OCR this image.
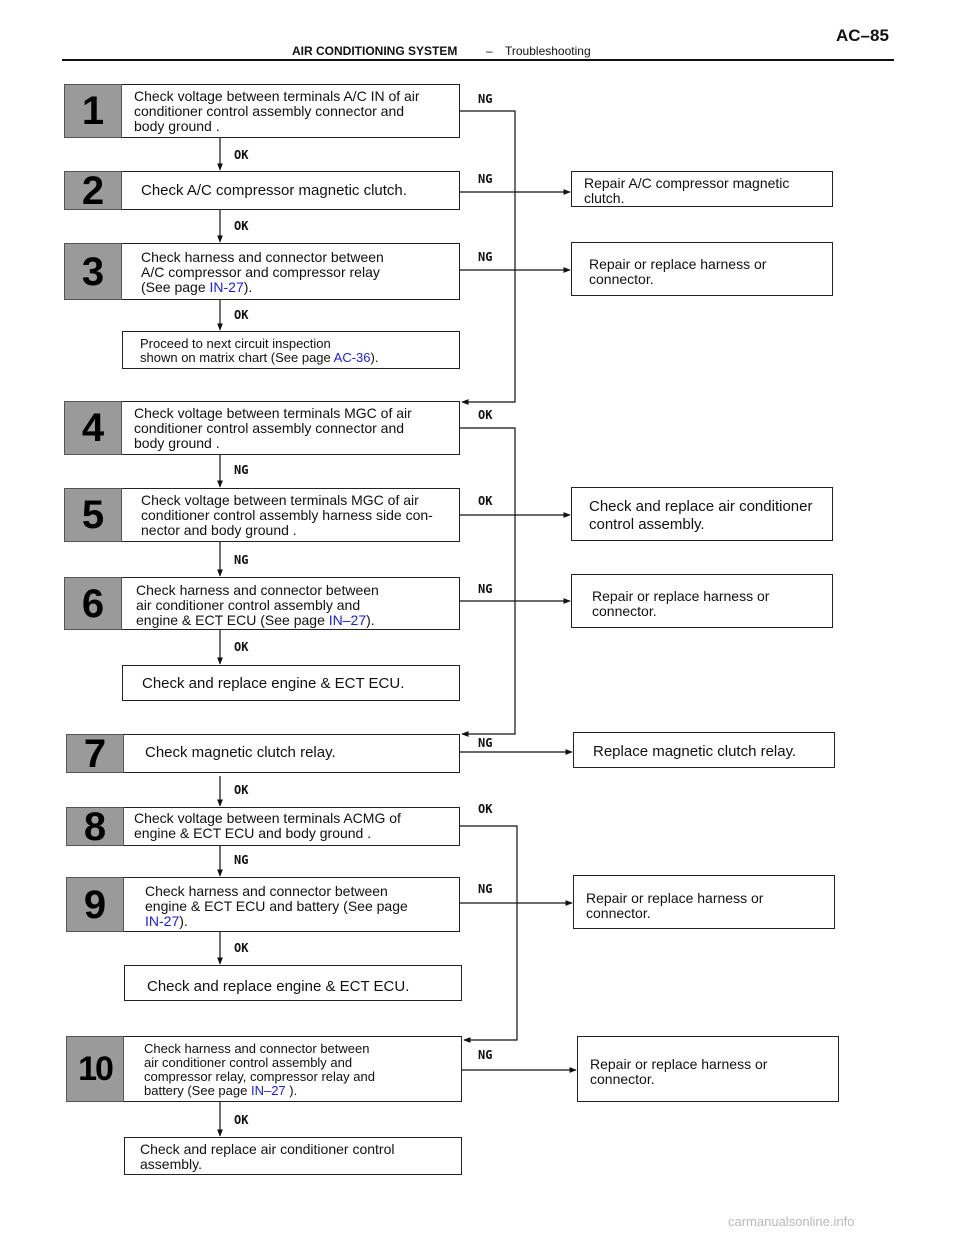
AIR CONDITIONING SYSTEM – Troubleshooting
AC–85
1 Check voltage between terminals A/C IN of air
conditioner control assembly connector and
body ground .
2 Check A/C compressor magnetic clutch.
3	Check harness and connector between
A/C compressor and compressor relay
(See page IN-27).
Proceed to next circuit inspection
shown on matrix chart (See page AC-36).
4 Check voltage between terminals MGC of air
conditioner control assembly connector and
body ground .
5	Check voltage between terminals MGC of air
conditioner control assembly harness side con-
nector and body ground .
6 Check harness and connector between
air conditioner control assembly and
engine & ECT ECU (See page IN–27).
Check and replace engine & ECT ECU.
7	Check magnetic clutch relay.
8 Check voltage between terminals ACMG of
engine & ECT ECU and body ground .
9	Check harness and connector between
engine & ECT ECU and battery (See page
IN-27).
Check and replace engine & ECT ECU.
10
Check harness and connector between
air conditioner control assembly and
compressor relay, compressor relay and
battery (See page IN–27 ).
Check and replace air conditioner control
assembly.
Repair A/C compressor magnetic
clutch.
Repair or replace harness or
connector.
Check and replace air conditioner
control assembly.
Repair or replace harness or
connector.
Replace magnetic clutch relay.
Repair or replace harness or
connector.
Repair or replace harness or
connector.
NG
OK
NG
OK
NG
OK
OK
NG
OK
NG
NG
OK
NG
OK
OK
NG
NG
OK
NG
OK
carmanualsonline.info
